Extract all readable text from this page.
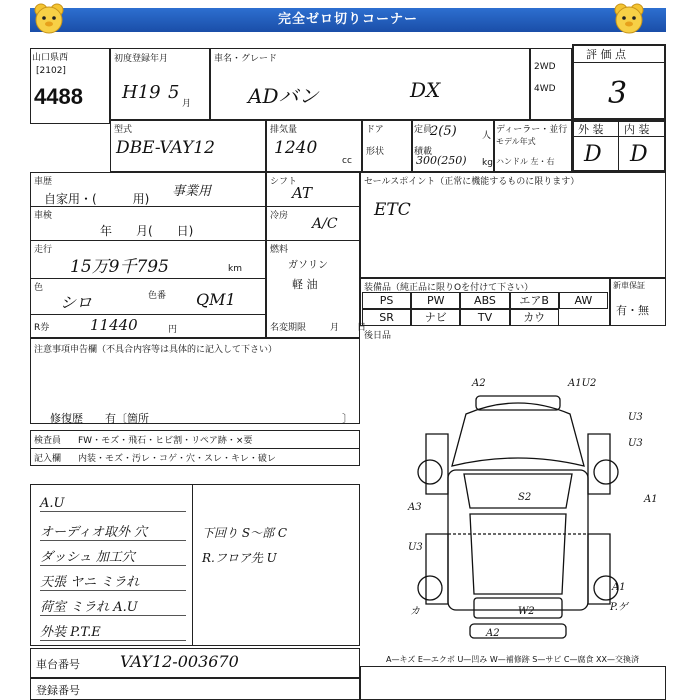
完全ゼロ切りコーナー
山口県西
[2102]
4488
初度登録年月
H19 5
月
車名・グレード
ADバン	DX
2WD
4WD
評 価 点
3
型式
DBE-VAY12
排気量
1240
cc
ドア
形状
定員
2(5)	人
積載
300(250) kg
ディーラー・並行
モデル年式
ハンドル 左・右
外 装 内 装
D D
車歴
自家用・(　　　用) 事業用
車検
年　　月(　　日)
走行
15万9千795	km
色
シロ	色番 QM1
R券	11440	円
シフト
AT
冷房 A/C
燃料
ガソリン
軽 油
名変期限	月　　日
セールスポイント（正常に機能するものに限ります）
ETC
装備品（純正品に限りOを付けて下さい）
PS	PW	ABS	エアB	AW
SR	ナビ	TV	カウ
新車保証
有・無
後日品
注意事項申告欄（不具合内容等は具体的に記入して下さい）
修復歴　　有〔箇所	〕
検査員 FW・モズ・飛石・ヒビ割・リペア跡・×要
記入欄 内装・モズ・汚レ・コゲ・穴・スレ・キレ・破レ
A.U
オーディオ取外 穴
ダッシュ 加工穴
天張 ヤニ ミラれ
荷室 ミラれ A.U
外装 P.T.E
下回り S〜部 C
R.フロア先 U
A2	A1U2
U3
A1
S2
A3
U3
W2
A1
A2
P.ゲ
カ
U3
A—キズ E—エクボ U—凹み W—補修跡 S—サビ C—腐食 XX—交換済
車台番号	VAY12-003670
登録番号
